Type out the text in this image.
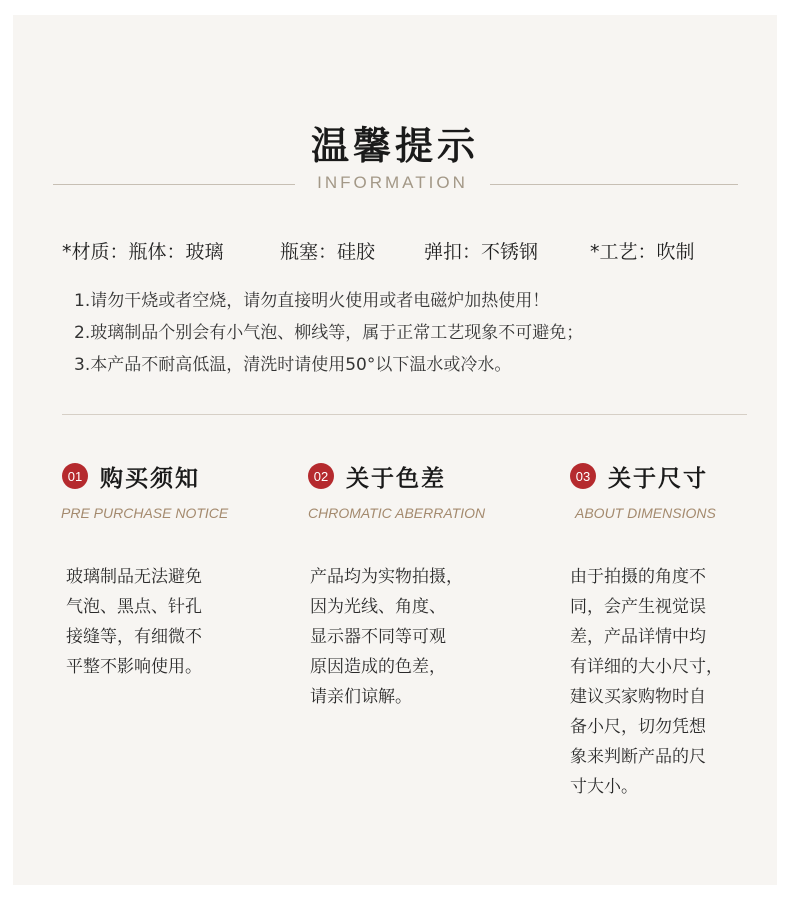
温馨提示
INFORMATION
*材质：瓶体：玻璃	瓶塞：硅胶	弹扣：不锈钢	*工艺：吹制
1.请勿干烧或者空烧，请勿直接明火使用或者电磁炉加热使用！
2.玻璃制品个别会有小气泡、柳线等，属于正常工艺现象不可避免；
3.本产品不耐高低温，清洗时请使用50°以下温水或冷水。
01 购买须知
PRE PURCHASE NOTICE
玻璃制品无法避免
气泡、黑点、针孔
接缝等，有细微不
平整不影响使用。
02 关于色差
CHROMATIC ABERRATION
产品均为实物拍摄，
因为光线、角度、
显示器不同等可观
原因造成的色差，
请亲们谅解。
03 关于尺寸
ABOUT DIMENSIONS
由于拍摄的角度不
同，会产生视觉误
差，产品详情中均
有详细的大小尺寸，
建议买家购物时自
备小尺，切勿凭想
象来判断产品的尺
寸大小。
